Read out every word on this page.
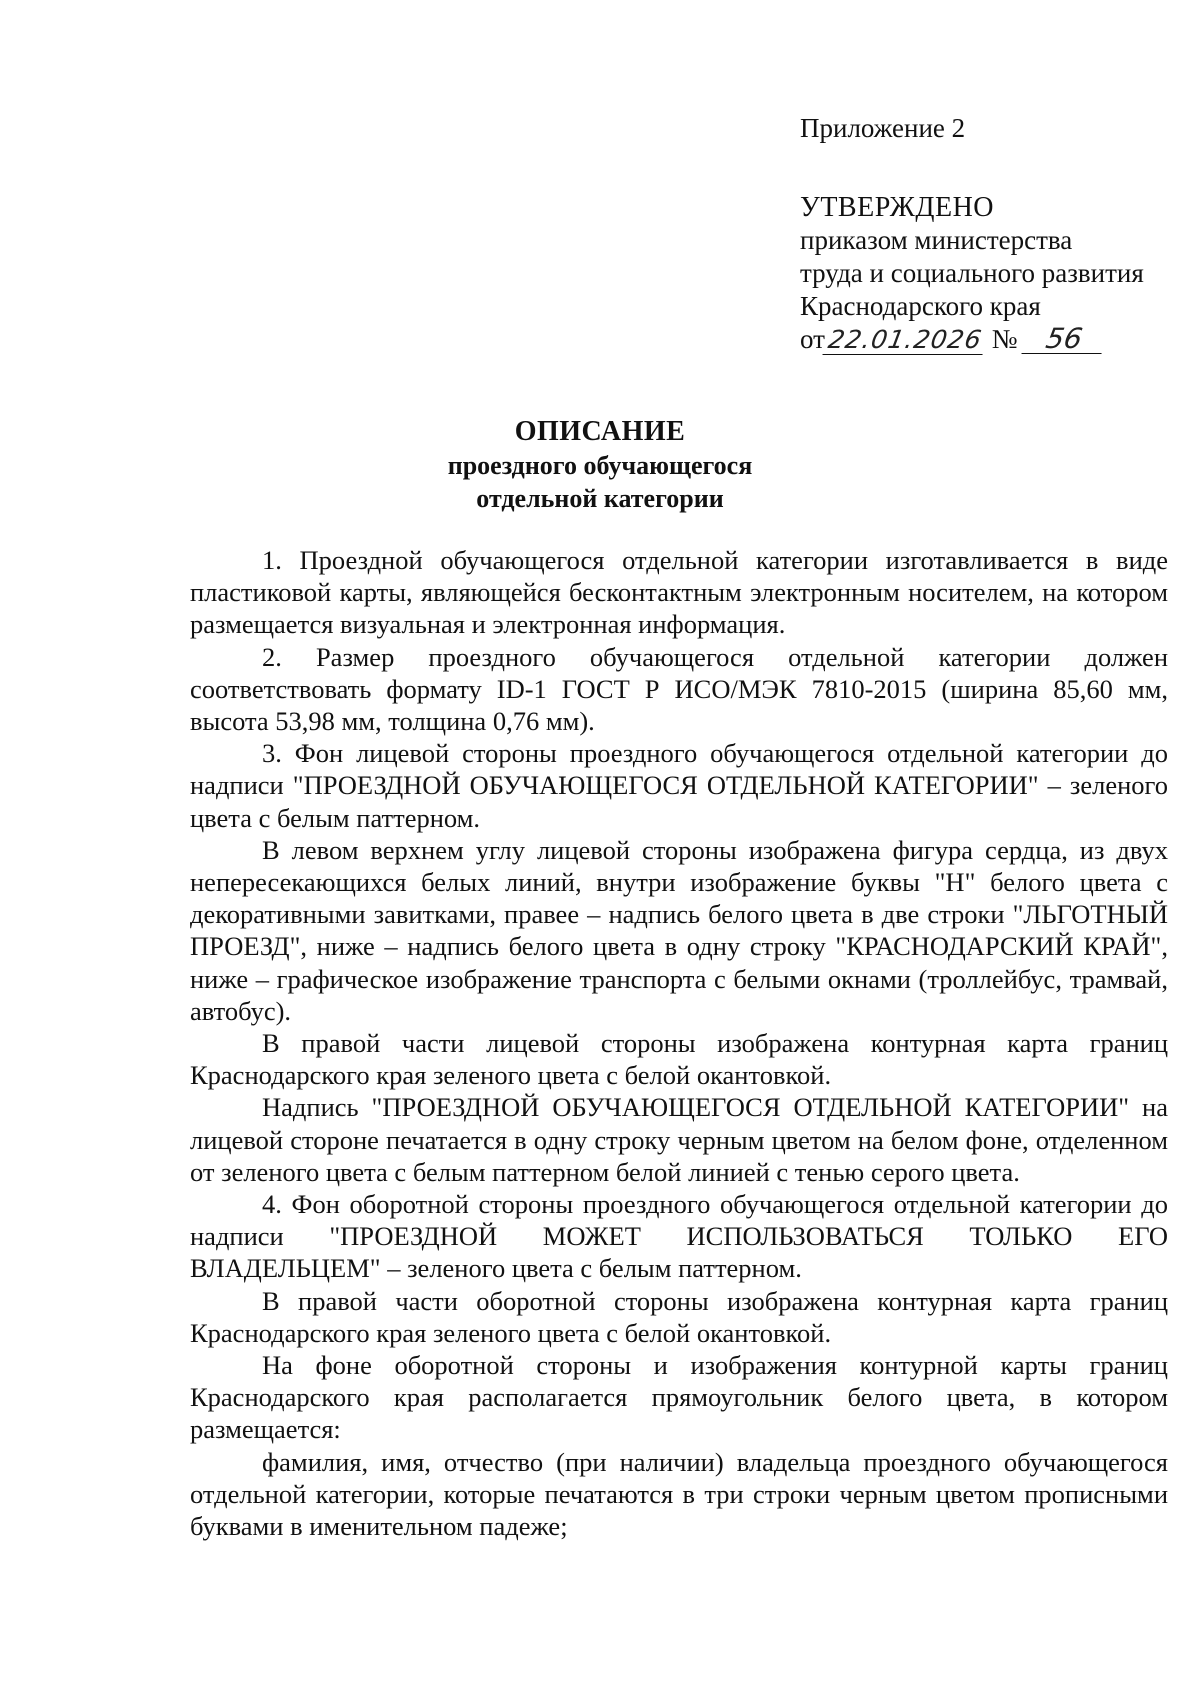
Приложение 2
УТВЕРЖДЕНО
приказом министерства
труда и социального развития
Краснодарского края
от22.01.2026 № 56
ОПИСАНИЕ
проездного обучающегося
отдельной категории

1. Проездной обучающегося отдельной категории изготавливается в виде пластиковой карты, являющейся бесконтактным электронным носителем, на котором размещается визуальная и электронная информация.

2. Размер проездного обучающегося отдельной категории должен соответствовать формату ID-1 ГОСТ Р ИСО/МЭК 7810-2015 (ширина 85,60 мм, высота 53,98 мм, толщина 0,76 мм).

3. Фон лицевой стороны проездного обучающегося отдельной категории до надписи "ПРОЕЗДНОЙ ОБУЧАЮЩЕГОСЯ ОТДЕЛЬНОЙ КАТЕГОРИИ" – зеленого цвета с белым паттерном.

В левом верхнем углу лицевой стороны изображена фигура сердца, из двух непересекающихся белых линий, внутри изображение буквы "Н" белого цвета с декоративными завитками, правее – надпись белого цвета в две строки "ЛЬГОТНЫЙ ПРОЕЗД", ниже – надпись белого цвета в одну строку "КРАСНОДАРСКИЙ КРАЙ", ниже – графическое изображение транспорта с белыми окнами (троллейбус, трамвай, автобус).

В правой части лицевой стороны изображена контурная карта границ Краснодарского края зеленого цвета с белой окантовкой.

Надпись "ПРОЕЗДНОЙ ОБУЧАЮЩЕГОСЯ ОТДЕЛЬНОЙ КАТЕГОРИИ" на лицевой стороне печатается в одну строку черным цветом на белом фоне, отделенном от зеленого цвета с белым паттерном белой линией с тенью серого цвета.

4. Фон оборотной стороны проездного обучающегося отдельной категории до надписи "ПРОЕЗДНОЙ МОЖЕТ ИСПОЛЬЗОВАТЬСЯ ТОЛЬКО ЕГО ВЛАДЕЛЬЦЕМ" – зеленого цвета с белым паттерном.

В правой части оборотной стороны изображена контурная карта границ Краснодарского края зеленого цвета с белой окантовкой.

На фоне оборотной стороны и изображения контурной карты границ Краснодарского края располагается прямоугольник белого цвета, в котором размещается:

фамилия, имя, отчество (при наличии) владельца проездного обучающегося отдельной категории, которые печатаются в три строки черным цветом прописными буквами в именительном падеже;
